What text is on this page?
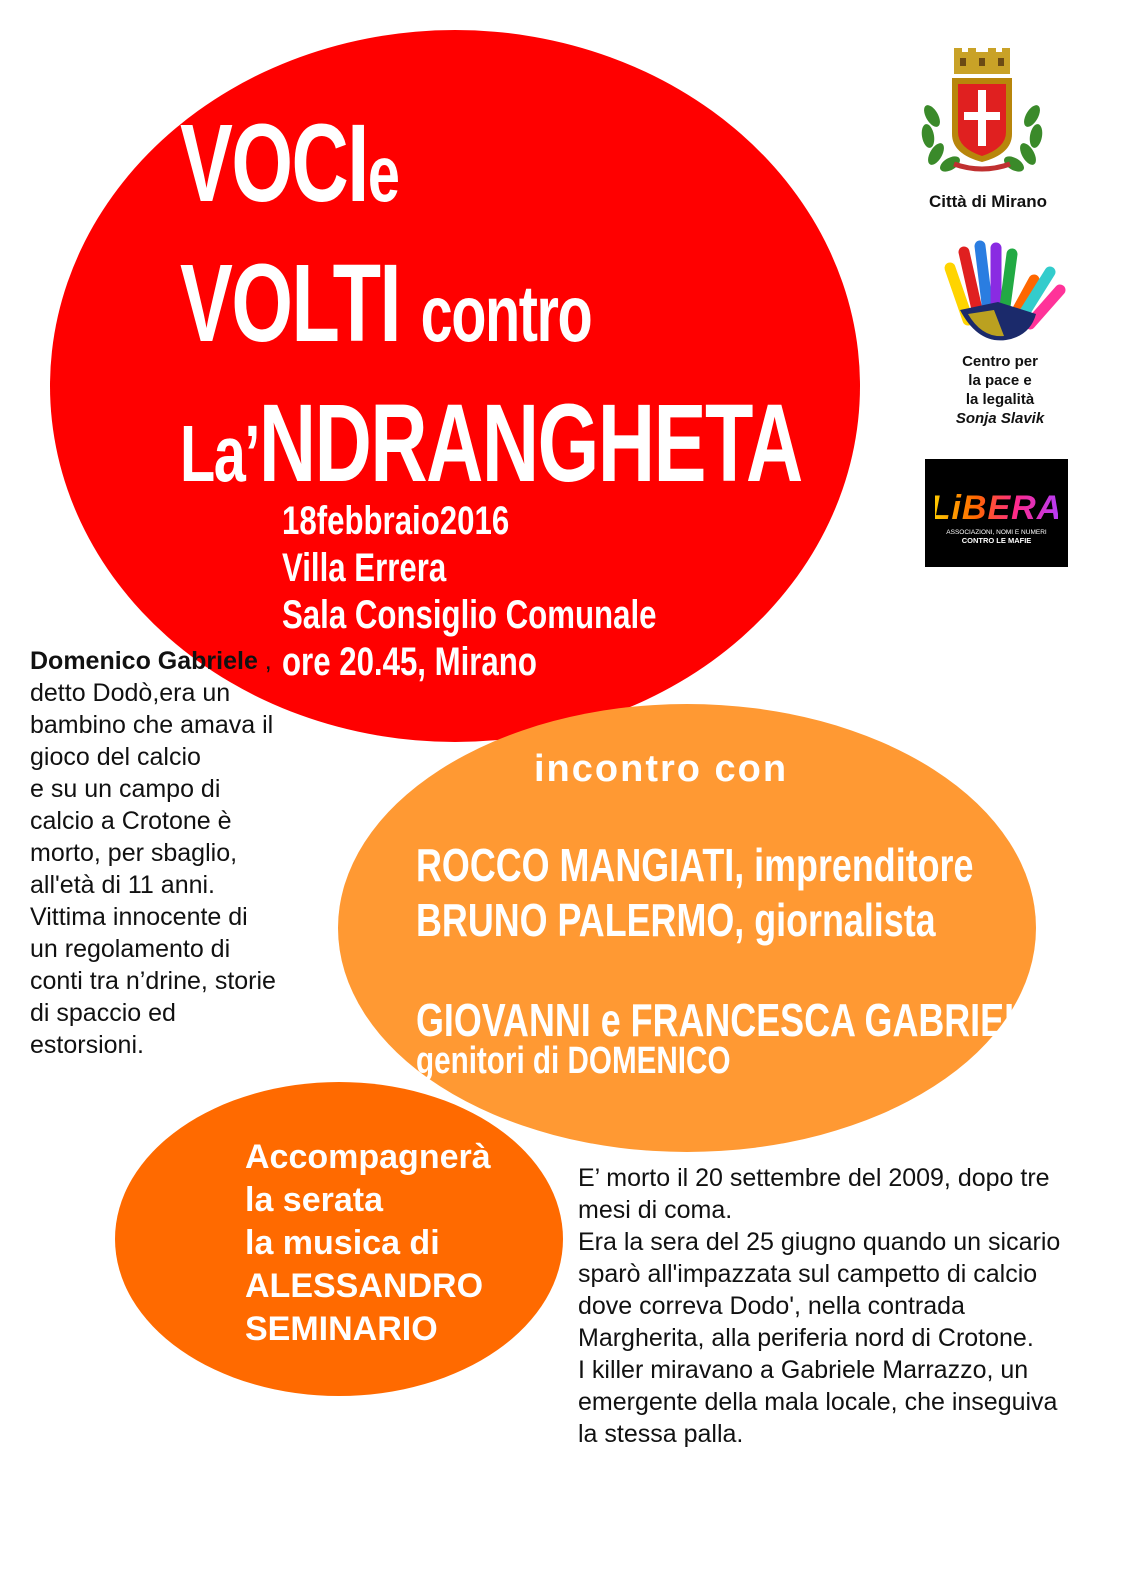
VOCIe
VOLTI contro
La’NDRANGHETA
18febbraio2016
Villa Errera
Sala Consiglio Comunale
ore 20.45, Mirano
incontro con
ROCCO MANGIATI, imprenditore
BRUNO PALERMO, giornalista
GIOVANNI e FRANCESCA GABRIELE,
genitori di DOMENICO
Accompagnerà
la serata
la musica di
ALESSANDRO
SEMINARIO
Domenico Gabriele ,
detto Dodò,era un bambino che amava il gioco del calcio
e su un campo di calcio a Crotone è morto, per sbaglio, all'età di 11 anni. Vittima innocente di un regolamento di conti tra n’drine, storie di spaccio ed estorsioni.
E’ morto il 20 settembre del 2009, dopo tre mesi di coma.
Era la sera del 25 giugno quando un sicario sparò all'impazzata sul campetto di calcio dove correva Dodo', nella contrada Margherita, alla periferia nord di Crotone.
I killer miravano a Gabriele Marrazzo, un emergente della mala locale, che inseguiva la stessa palla.
Città di Mirano
Centro per
la pace e
la legalità
Sonja Slavik
LiBERA
ASSOCIAZIONI, NOMI E NUMERI
CONTRO LE MAFIE
